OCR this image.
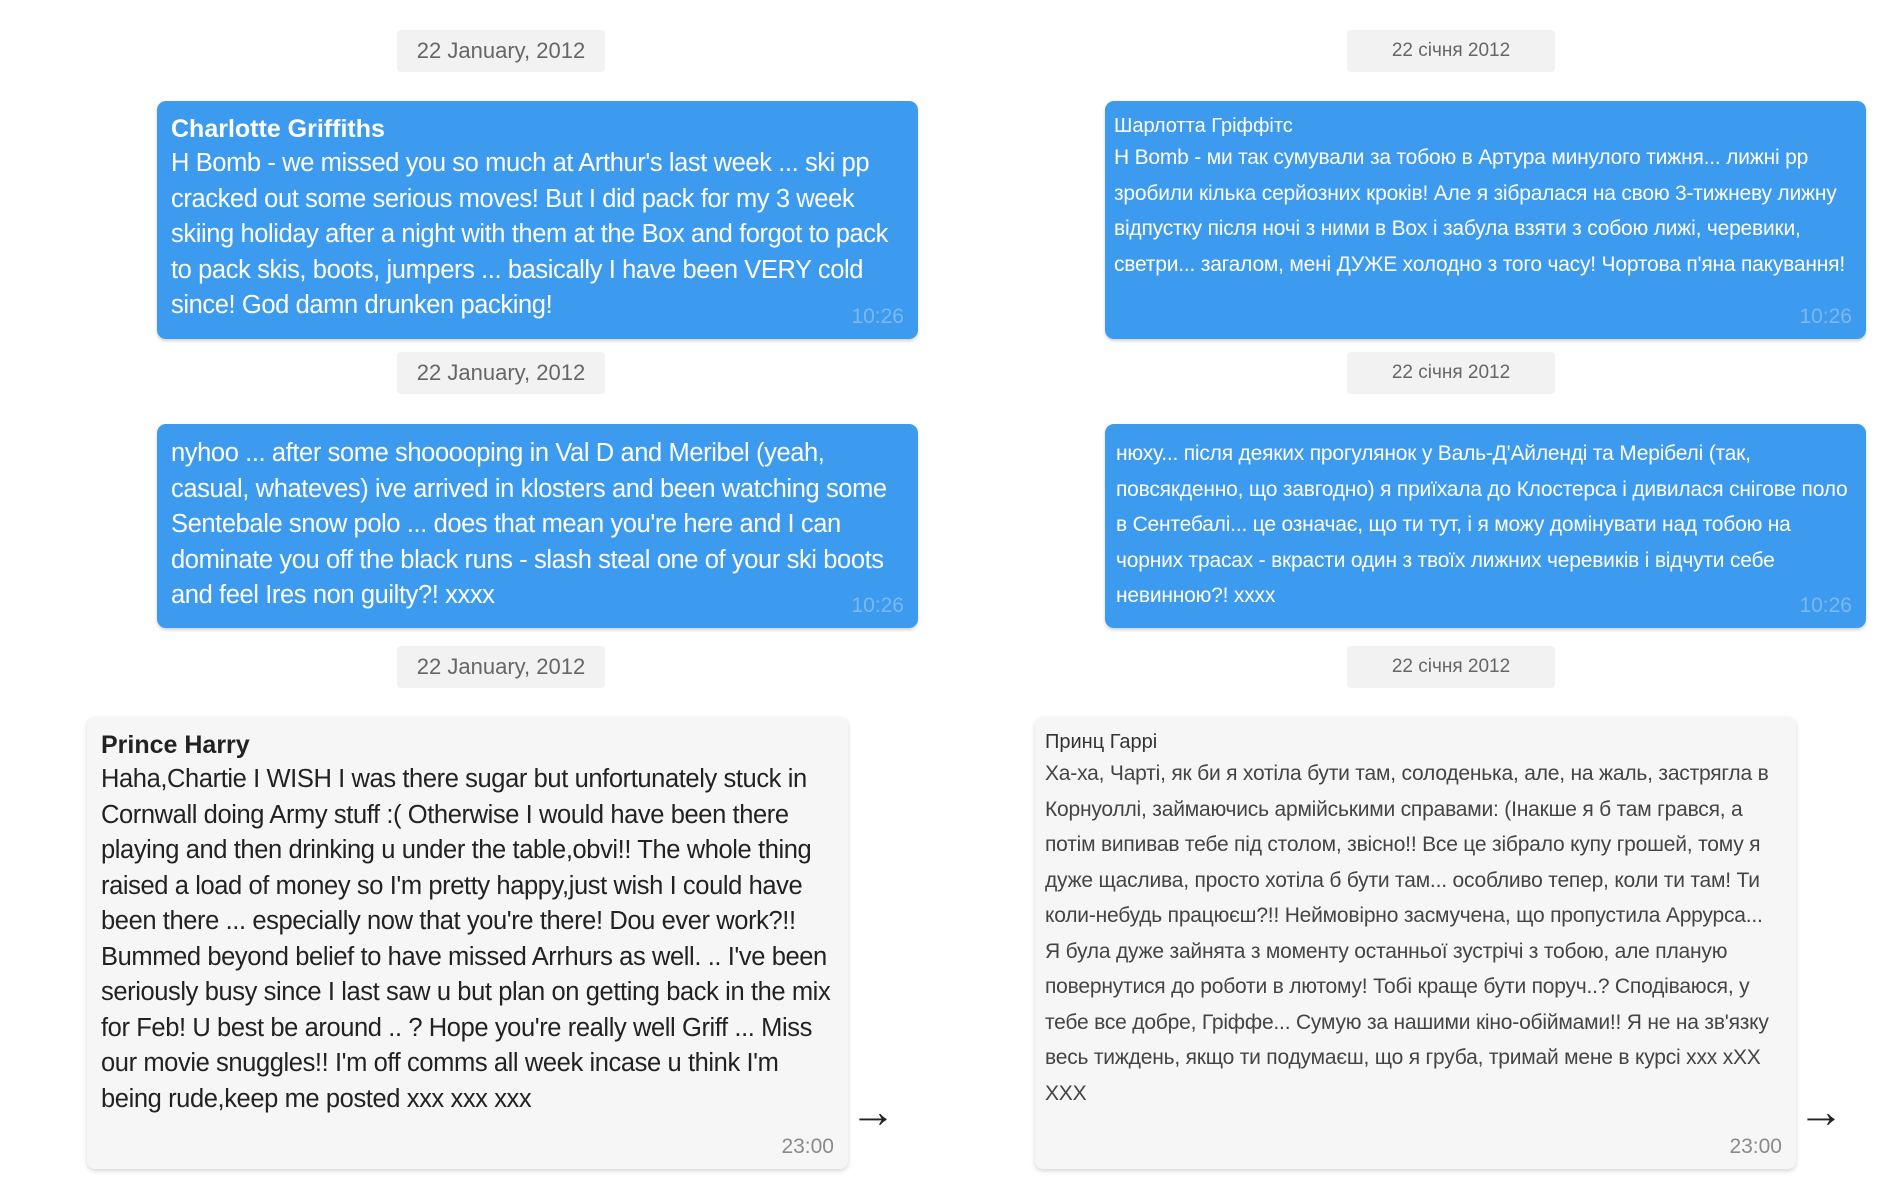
22 January, 2012
Charlotte Griffiths
H Bomb - we missed you so much at Arthur's last week ... ski pp cracked out some serious moves! But I did pack for my 3 week skiing holiday after a night with them at the Box and forgot to pack to pack skis, boots, jumpers ... basically I have been VERY cold since! God damn drunken packing!	10:26
22 January, 2012
nyhoo ... after some shooooping in Val D and Meribel (yeah, casual, whateves) ive arrived in klosters and been watching some Sentebale snow polo ... does that mean you're here and I can dominate you off the black runs - slash steal one of your ski boots and feel Ires non guilty?! xxxx	10:26
22 January, 2012
Prince Harry
Haha,Chartie I WISH I was there sugar but unfortunately stuck in Cornwall doing Army stuff :( Otherwise I would have been there playing and then drinking u under the table,obvi!! The whole thing raised a load of money so I'm pretty happy,just wish I could have been there ... especially now that you're there! Dou ever work?!! Bummed beyond belief to have missed Arrhurs as well. .. I've been seriously busy since I last saw u but plan on getting back in the mix for Feb! U best be around .. ? Hope you're really well Griff ... Miss our movie snuggles!! I'm off comms all week incase u think I'm being rude,keep me posted xxx xxx xxx
23:00
→
22 січня 2012
Шарлотта Гріффітс
H Bomb - ми так сумували за тобою в Артура минулого тижня... лижні pp зробили кілька серйозних кроків! Але я зібралася на свою 3-тижневу лижну відпустку після ночі з ними в Box і забула взяти з собою лижі, черевики, светри... загалом, мені ДУЖЕ холодно з того часу! Чортова п'яна пакування!
10:26
22 січня 2012
нюху... після деяких прогулянок у Валь-Д'Айленді та Мерібелі (так, повсякденно, що завгодно) я приїхала до Клостерса і дивилася снігове поло в Сентебалі... це означає, що ти тут, і я можу домінувати над тобою на чорних трасах - вкрасти один з твоїх лижних черевиків і відчути себе невинною?! xxxx	10:26
22 січня 2012
Принц Гаррі
Ха-ха, Чарті, як би я хотіла бути там, солоденька, але, на жаль, застрягла в Корнуоллі, займаючись армійськими справами: (Інакше я б там грався, а потім випивав тебе під столом, звісно!! Все це зібрало купу грошей, тому я дуже щаслива, просто хотіла б бути там... особливо тепер, коли ти там! Ти коли-небудь працюєш?!! Неймовірно засмучена, що пропустила Аррурса... Я була дуже зайнята з моменту останньої зустрічі з тобою, але планую повернутися до роботи в лютому! Тобі краще бути поруч..? Сподіваюся, у тебе все добре, Гріффе... Сумую за нашими кіно-обіймами!! Я не на зв'язку весь тиждень, якщо ти подумаєш, що я груба, тримай мене в курсі xxx xXX XXX
23:00
→
